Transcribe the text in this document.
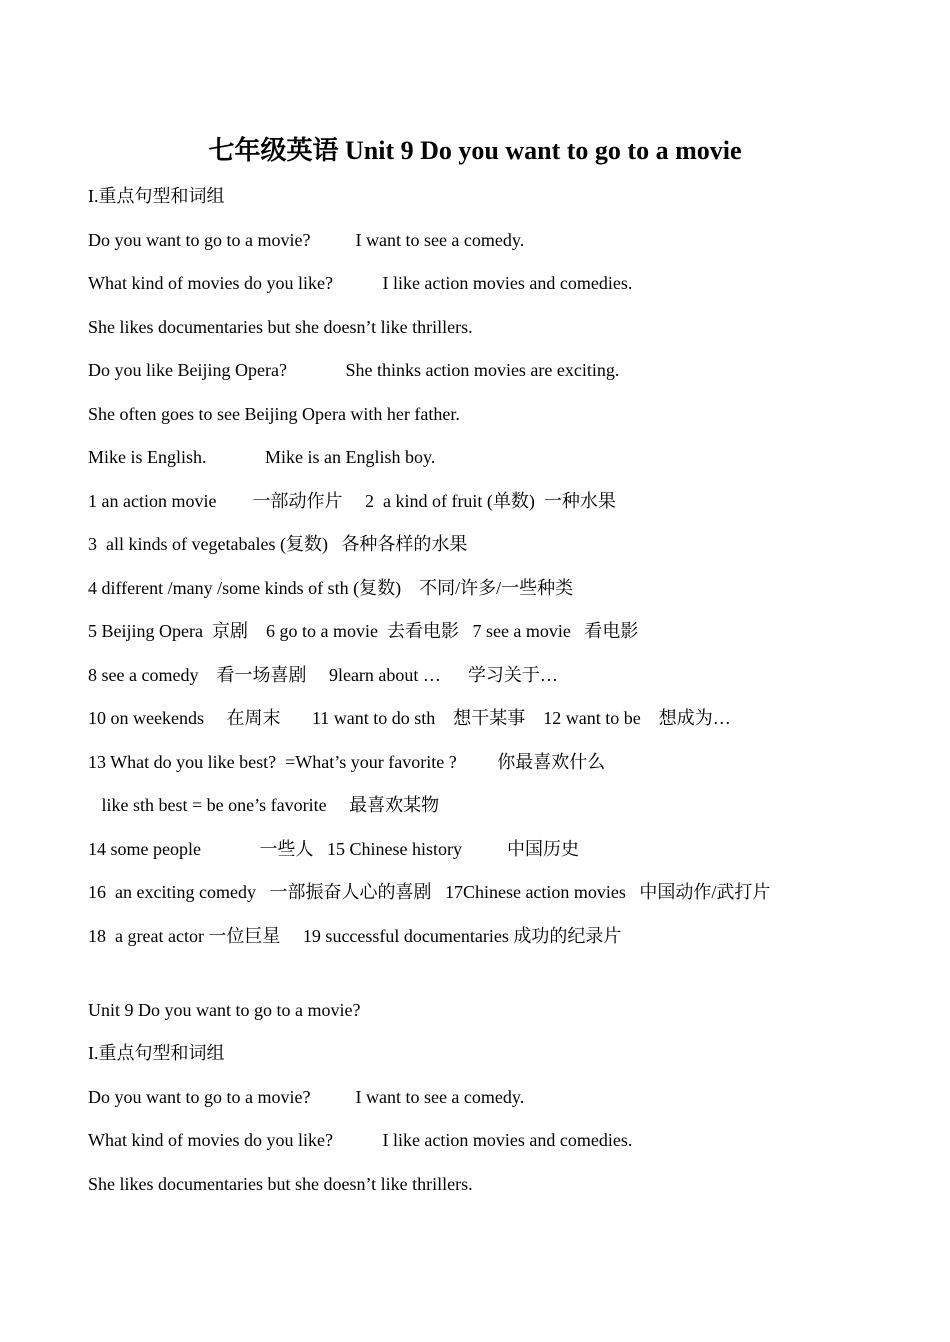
七年级英语 Unit 9 Do you want to go to a movie
I.重点句型和词组
Do you want to go to a movie?          I want to see a comedy.
What kind of movies do you like?           I like action movies and comedies.
She likes documentaries but she doesn’t like thrillers.
Do you like Beijing Opera?             She thinks action movies are exciting.
She often goes to see Beijing Opera with her father.
Mike is English.             Mike is an English boy.
1 an action movie        一部动作片     2  a kind of fruit (单数)  一种水果
3  all kinds of vegetabales (复数)   各种各样的水果
4 different /many /some kinds of sth (复数)    不同/许多/一些种类
5 Beijing Opera  京剧    6 go to a movie  去看电影   7 see a movie   看电影
8 see a comedy    看一场喜剧     9learn about …      学习关于…
10 on weekends     在周末       11 want to do sth    想干某事    12 want to be    想成为…
13 What do you like best?  =What’s your favorite ?         你最喜欢什么
like sth best = be one’s favorite     最喜欢某物
14 some people             一些人   15 Chinese history          中国历史
16  an exciting comedy   一部振奋人心的喜剧   17Chinese action movies   中国动作/武打片
18  a great actor 一位巨星     19 successful documentaries 成功的纪录片
Unit 9 Do you want to go to a movie?
I.重点句型和词组
Do you want to go to a movie?          I want to see a comedy.
What kind of movies do you like?           I like action movies and comedies.
She likes documentaries but she doesn’t like thrillers.
